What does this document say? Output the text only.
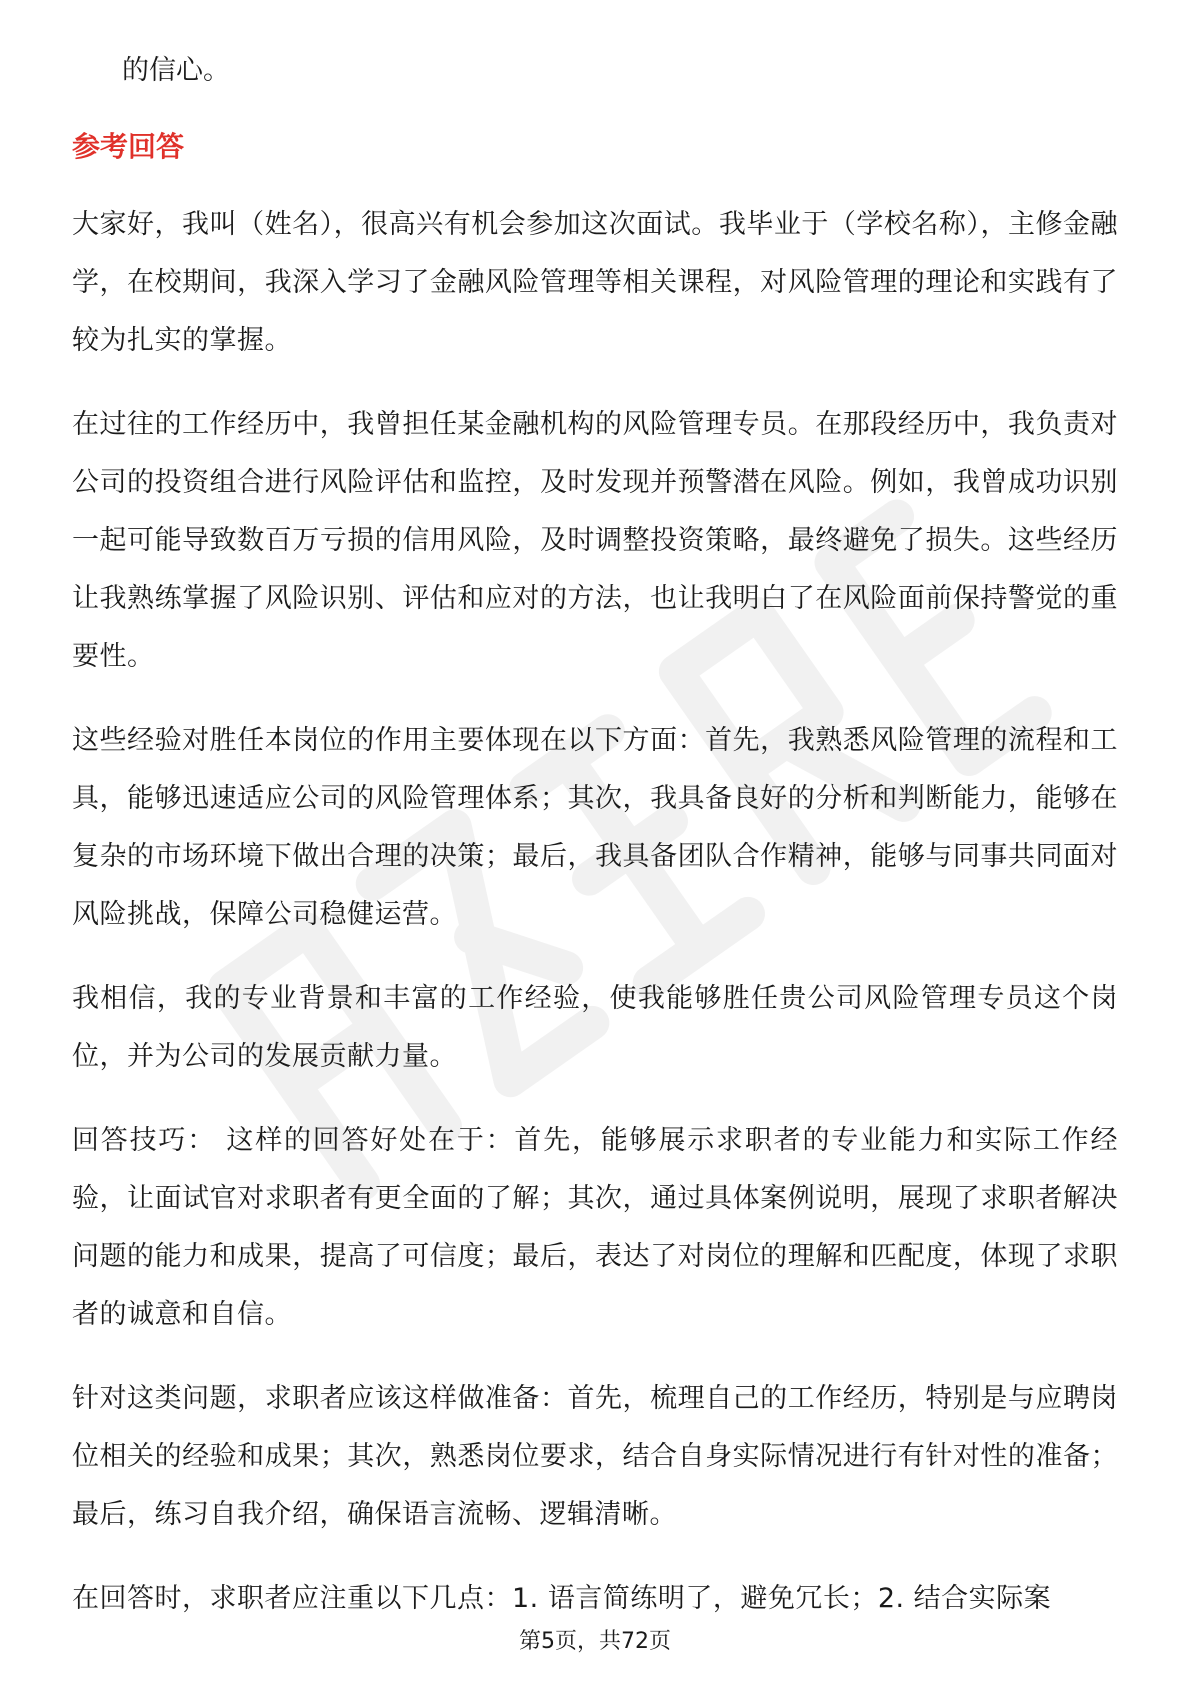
的信心。

参考回答

大家好，我叫（姓名），很高兴有机会参加这次面试。我毕业于（学校名称），主修金融学，在校期间，我深入学习了金融风险管理等相关课程，对风险管理的理论和实践有了较为扎实的掌握。

在过往的工作经历中，我曾担任某金融机构的风险管理专员。在那段经历中，我负责对公司的投资组合进行风险评估和监控，及时发现并预警潜在风险。例如，我曾成功识别一起可能导致数百万亏损的信用风险，及时调整投资策略，最终避免了损失。这些经历让我熟练掌握了风险识别、评估和应对的方法，也让我明白了在风险面前保持警觉的重要性。

这些经验对胜任本岗位的作用主要体现在以下方面：首先，我熟悉风险管理的流程和工具，能够迅速适应公司的风险管理体系；其次，我具备良好的分析和判断能力，能够在复杂的市场环境下做出合理的决策；最后，我具备团队合作精神，能够与同事共同面对风险挑战，保障公司稳健运营。

我相信，我的专业背景和丰富的工作经验，使我能够胜任贵公司风险管理专员这个岗位，并为公司的发展贡献力量。

回答技巧： 这样的回答好处在于：首先，能够展示求职者的专业能力和实际工作经验，让面试官对求职者有更全面的了解；其次，通过具体案例说明，展现了求职者解决问题的能力和成果，提高了可信度；最后，表达了对岗位的理解和匹配度，体现了求职者的诚意和自信。

针对这类问题，求职者应该这样做准备：首先，梳理自己的工作经历，特别是与应聘岗位相关的经验和成果；其次，熟悉岗位要求，结合自身实际情况进行有针对性的准备；最后，练习自我介绍，确保语言流畅、逻辑清晰。

在回答时，求职者应注重以下几点：1. 语言简练明了，避免冗长；2. 结合实际案

第5页，共72页
